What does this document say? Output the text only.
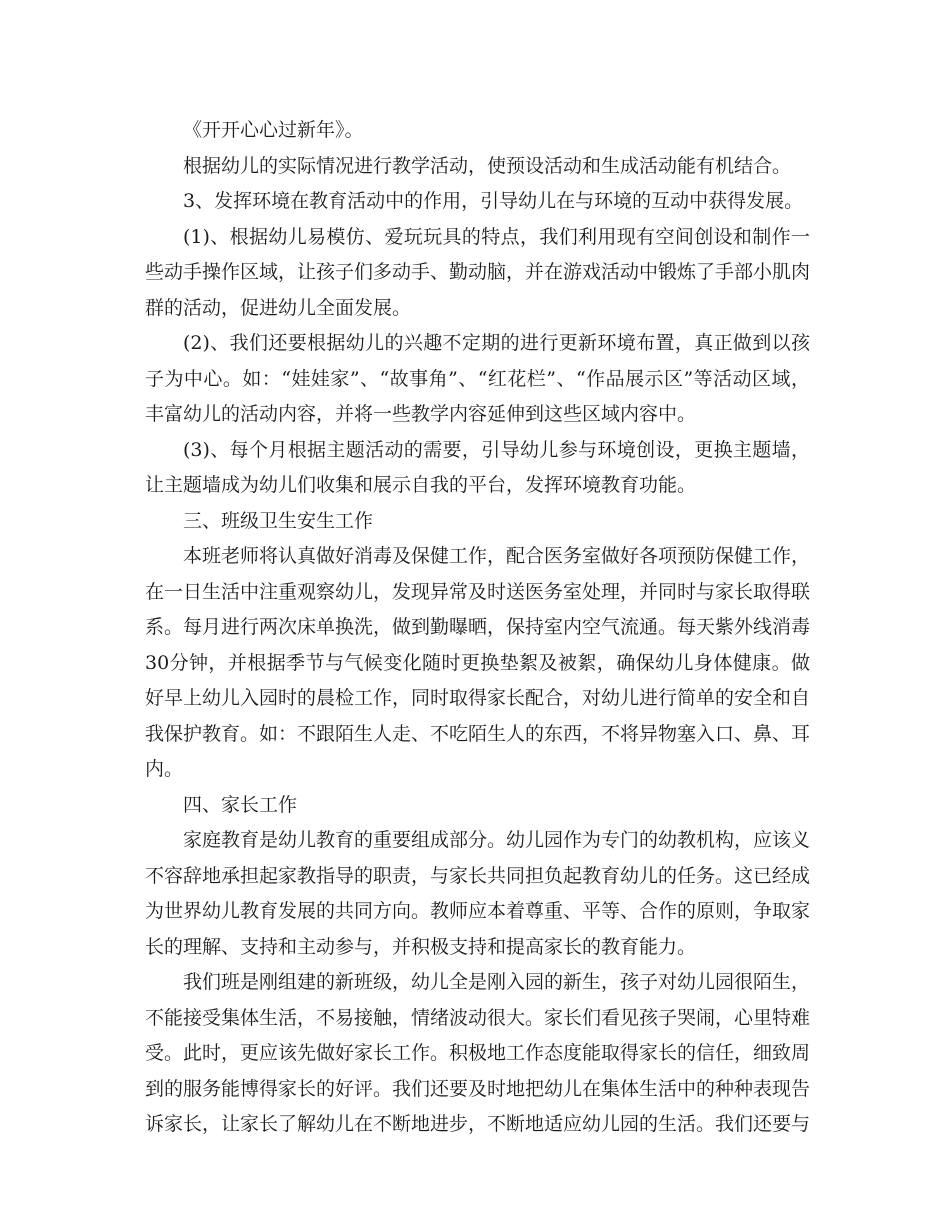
《开开心心过新年》。

根据幼儿的实际情况进行教学活动，使预设活动和生成活动能有机结合。

3、发挥环境在教育活动中的作用，引导幼儿在与环境的互动中获得发展。

(1)、根据幼儿易模仿、爱玩玩具的特点，我们利用现有空间创设和制作一些动手操作区域，让孩子们多动手、勤动脑，并在游戏活动中锻炼了手部小肌肉群的活动，促进幼儿全面发展。

(2)、我们还要根据幼儿的兴趣不定期的进行更新环境布置，真正做到以孩子为中心。如：“娃娃家”、“故事角”、“红花栏”、“作品展示区”等活动区域，丰富幼儿的活动内容，并将一些教学内容延伸到这些区域内容中。

(3)、每个月根据主题活动的需要，引导幼儿参与环境创设，更换主题墙，让主题墙成为幼儿们收集和展示自我的平台，发挥环境教育功能。

三、班级卫生安生工作

本班老师将认真做好消毒及保健工作，配合医务室做好各项预防保健工作，在一日生活中注重观察幼儿，发现异常及时送医务室处理，并同时与家长取得联系。每月进行两次床单换洗，做到勤曝晒，保持室内空气流通。每天紫外线消毒30分钟，并根据季节与气候变化随时更换垫絮及被絮，确保幼儿身体健康。做好早上幼儿入园时的晨检工作，同时取得家长配合，对幼儿进行简单的安全和自我保护教育。如：不跟陌生人走、不吃陌生人的东西，不将异物塞入口、鼻、耳内。

四、家长工作

家庭教育是幼儿教育的重要组成部分。幼儿园作为专门的幼教机构，应该义不容辞地承担起家教指导的职责，与家长共同担负起教育幼儿的任务。这已经成为世界幼儿教育发展的共同方向。教师应本着尊重、平等、合作的原则，争取家长的理解、支持和主动参与，并积极支持和提高家长的教育能力。

我们班是刚组建的新班级，幼儿全是刚入园的新生，孩子对幼儿园很陌生，不能接受集体生活，不易接触，情绪波动很大。家长们看见孩子哭闹，心里特难受。此时，更应该先做好家长工作。积极地工作态度能取得家长的信任，细致周到的服务能博得家长的好评。我们还要及时地把幼儿在集体生活中的种种表现告诉家长，让家长了解幼儿在不断地进步，不断地适应幼儿园的生活。我们还要与
